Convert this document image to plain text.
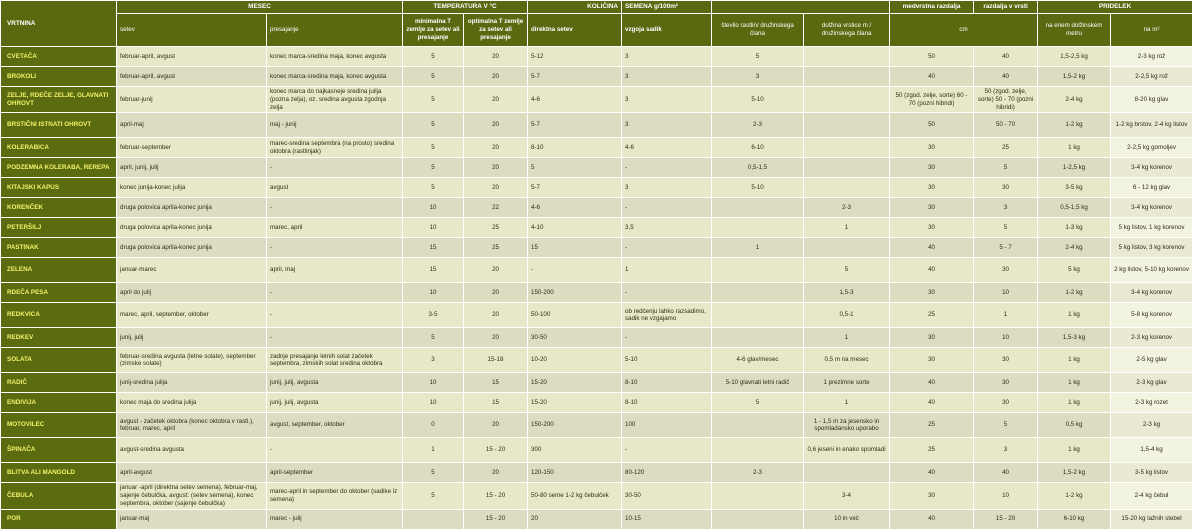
VRTNINA	MESEC		TEMPERATURA V °C		KOLIČINA	SEMENA g/100m²			medvrstna razdalja	razdalja v vrsti	PRIDELEK	
	setev	presajanje	minimalna T zemlje za setev ali presajanje	optimalna T zemlje za setev ali presajanje	direktna setev	vzgoja sadik	število rastlin/ družinskega člana	dolžina vrstice m / družinskega člana	cm		na enem dolžinskem metru	na m²
CVETAČA	februar-april, avgust	konec marca-sredina maja, konec avgusta	5	20	5-12	3	5		50	40	1,5-2,5 kg	2-3 kg rož
BROKOLI	februar-april, avgust	konec marca-sredina maja, konec avgusta	5	20	5-7	3	3		40	40	1,5-2 kg	2-2,5 kg rož
ZELJE, RDEČE ZELJE, GLAVNATI OHROVT	februar-junij	konec marca do najkasneje sredina julija (pozna zelja), oz. sredina avgusta zgodnja zelja	5	20	4-6	3	5-10		50 (zgod. zelje, sorte) 60 - 70 (pozni hibridi)	50 (zgod. zelje, sorte) 50 - 70 (pozni hibridi)	2-4 kg	8-20 kg glav
BRSTIČNI ISTNATI OHROVT	april-maj	maj - junij	5	20	5-7	3	2-3		50	50 - 70	1-2 kg	1-2 kg brstov, 2-4 kg listov
KOLERABICA	februar-september	marec-sredina septembra (na prosto) sredina oktobra (rastlinjak)	5	20	8-10	4-6	6-10		30	25	1 kg	2-2,5 kg gomoljev
PODZEMNA KOLERABA, REREPA	april, junij, julij	-	5	20	5	-	0,5-1,5		30	5	1-2,5 kg	3-4 kg korenov
KITAJSKI KAPUS	konec junija-konec julija	avgust	5	20	5-7	3	5-10		30	30	3-5 kg	6 - 12 kg glav
KORENČEK	druga polovica aprila-konec junija	-	10	22	4-6	-		2-3	30	3	0,5-1,5 kg	3-4 kg korenov
PETERŠILJ	druga polovica aprila-konec junija	marec, april	10	25	4-10	3,5		1	30	5	1-3 kg	5 kg listov, 1 kg korenov
PASTINAK	druga polovica aprila-konec junija	-	15	25	15	-	1		40	5 - 7	2-4 kg	5 kg listov, 3 kg korenov
ZELENA	januar-marec	april, maj	15	20	-	1		5	40	30	5 kg	2 kg listov, 5-10 kg korenov
RDEČA PESA	april do julij	-	10	20	150-200	-		1,5-3	30	10	1-2 kg	3-4 kg korenov
REDKVICA	marec, april, september, oktober	-	3-5	20	50-100	ob redčenju lahko razsadimo, sadik ne vzgajamo		0,5-1	25	1	1 kg	5-8 kg korenov
REDKEV	junij, julij	-	5	20	30-50	-		1	30	10	1,5-3 kg	2-3 kg korenov
SOLATA	februar-sredina avgusta (letne solate), september (zimske solate)	zadnje presajanje letnih solat začetek septembra, zimskih solat sredina oktobra	3	15-18	10-20	5-10	4-6 glav/mesec	0,5 m na mesec	30	30	1 kg	2-5 kg glav
RADIČ	junij-sredina julija	junij, julij, avgusta	10	15	15-20	8-10	5-10 glavnati letni radič	1 prezimne sorte	40	30	1 kg	2-3 kg glav
ENDIVIJA	konec maja do sredina julija	junij, julij, avgusta	10	15	15-20	8-10	5	1	40	30	1 kg	2-3 kg rozet
MOTOVILEC	avgust - začetek oktobra (konec oktobra v rastl.), februar, marec, april	avgust, september, oktober	0	20	150-200	100		1 - 1,5 m za jesensko in spomladansko uporabo	25	5	0,5 kg	2-3 kg
ŠPINAČA	avgust-sredina avgusta	-	1	15 - 20	300	-		0,6 jeseni in enako spomladi	25	3	1 kg	1,5-4 kg
BLITVA ALI MANGOLD	april-avgust	april-september	5	20	120-150	80-120	2-3		40	40	1,5-2 kg	3-5 kg listov
ČEBULA	januar -april (direktna setev semena), februar-maj, sajenje čebulčka, avgust: (setev semena), konec septembra, oktober (sajenje čebulčka)	marec-april in september do oktober (sadike iz semena)	5	15 - 20	50-80 seme 1-2 kg čebulček	30-50		3-4	30	10	1-2 kg	2-4 kg čebul
POR	januar-maj	marec - julij		15 - 20	20	10-15		10 in več	40	15 - 20	6-10 kg	15-20 kg lažnih stebel
